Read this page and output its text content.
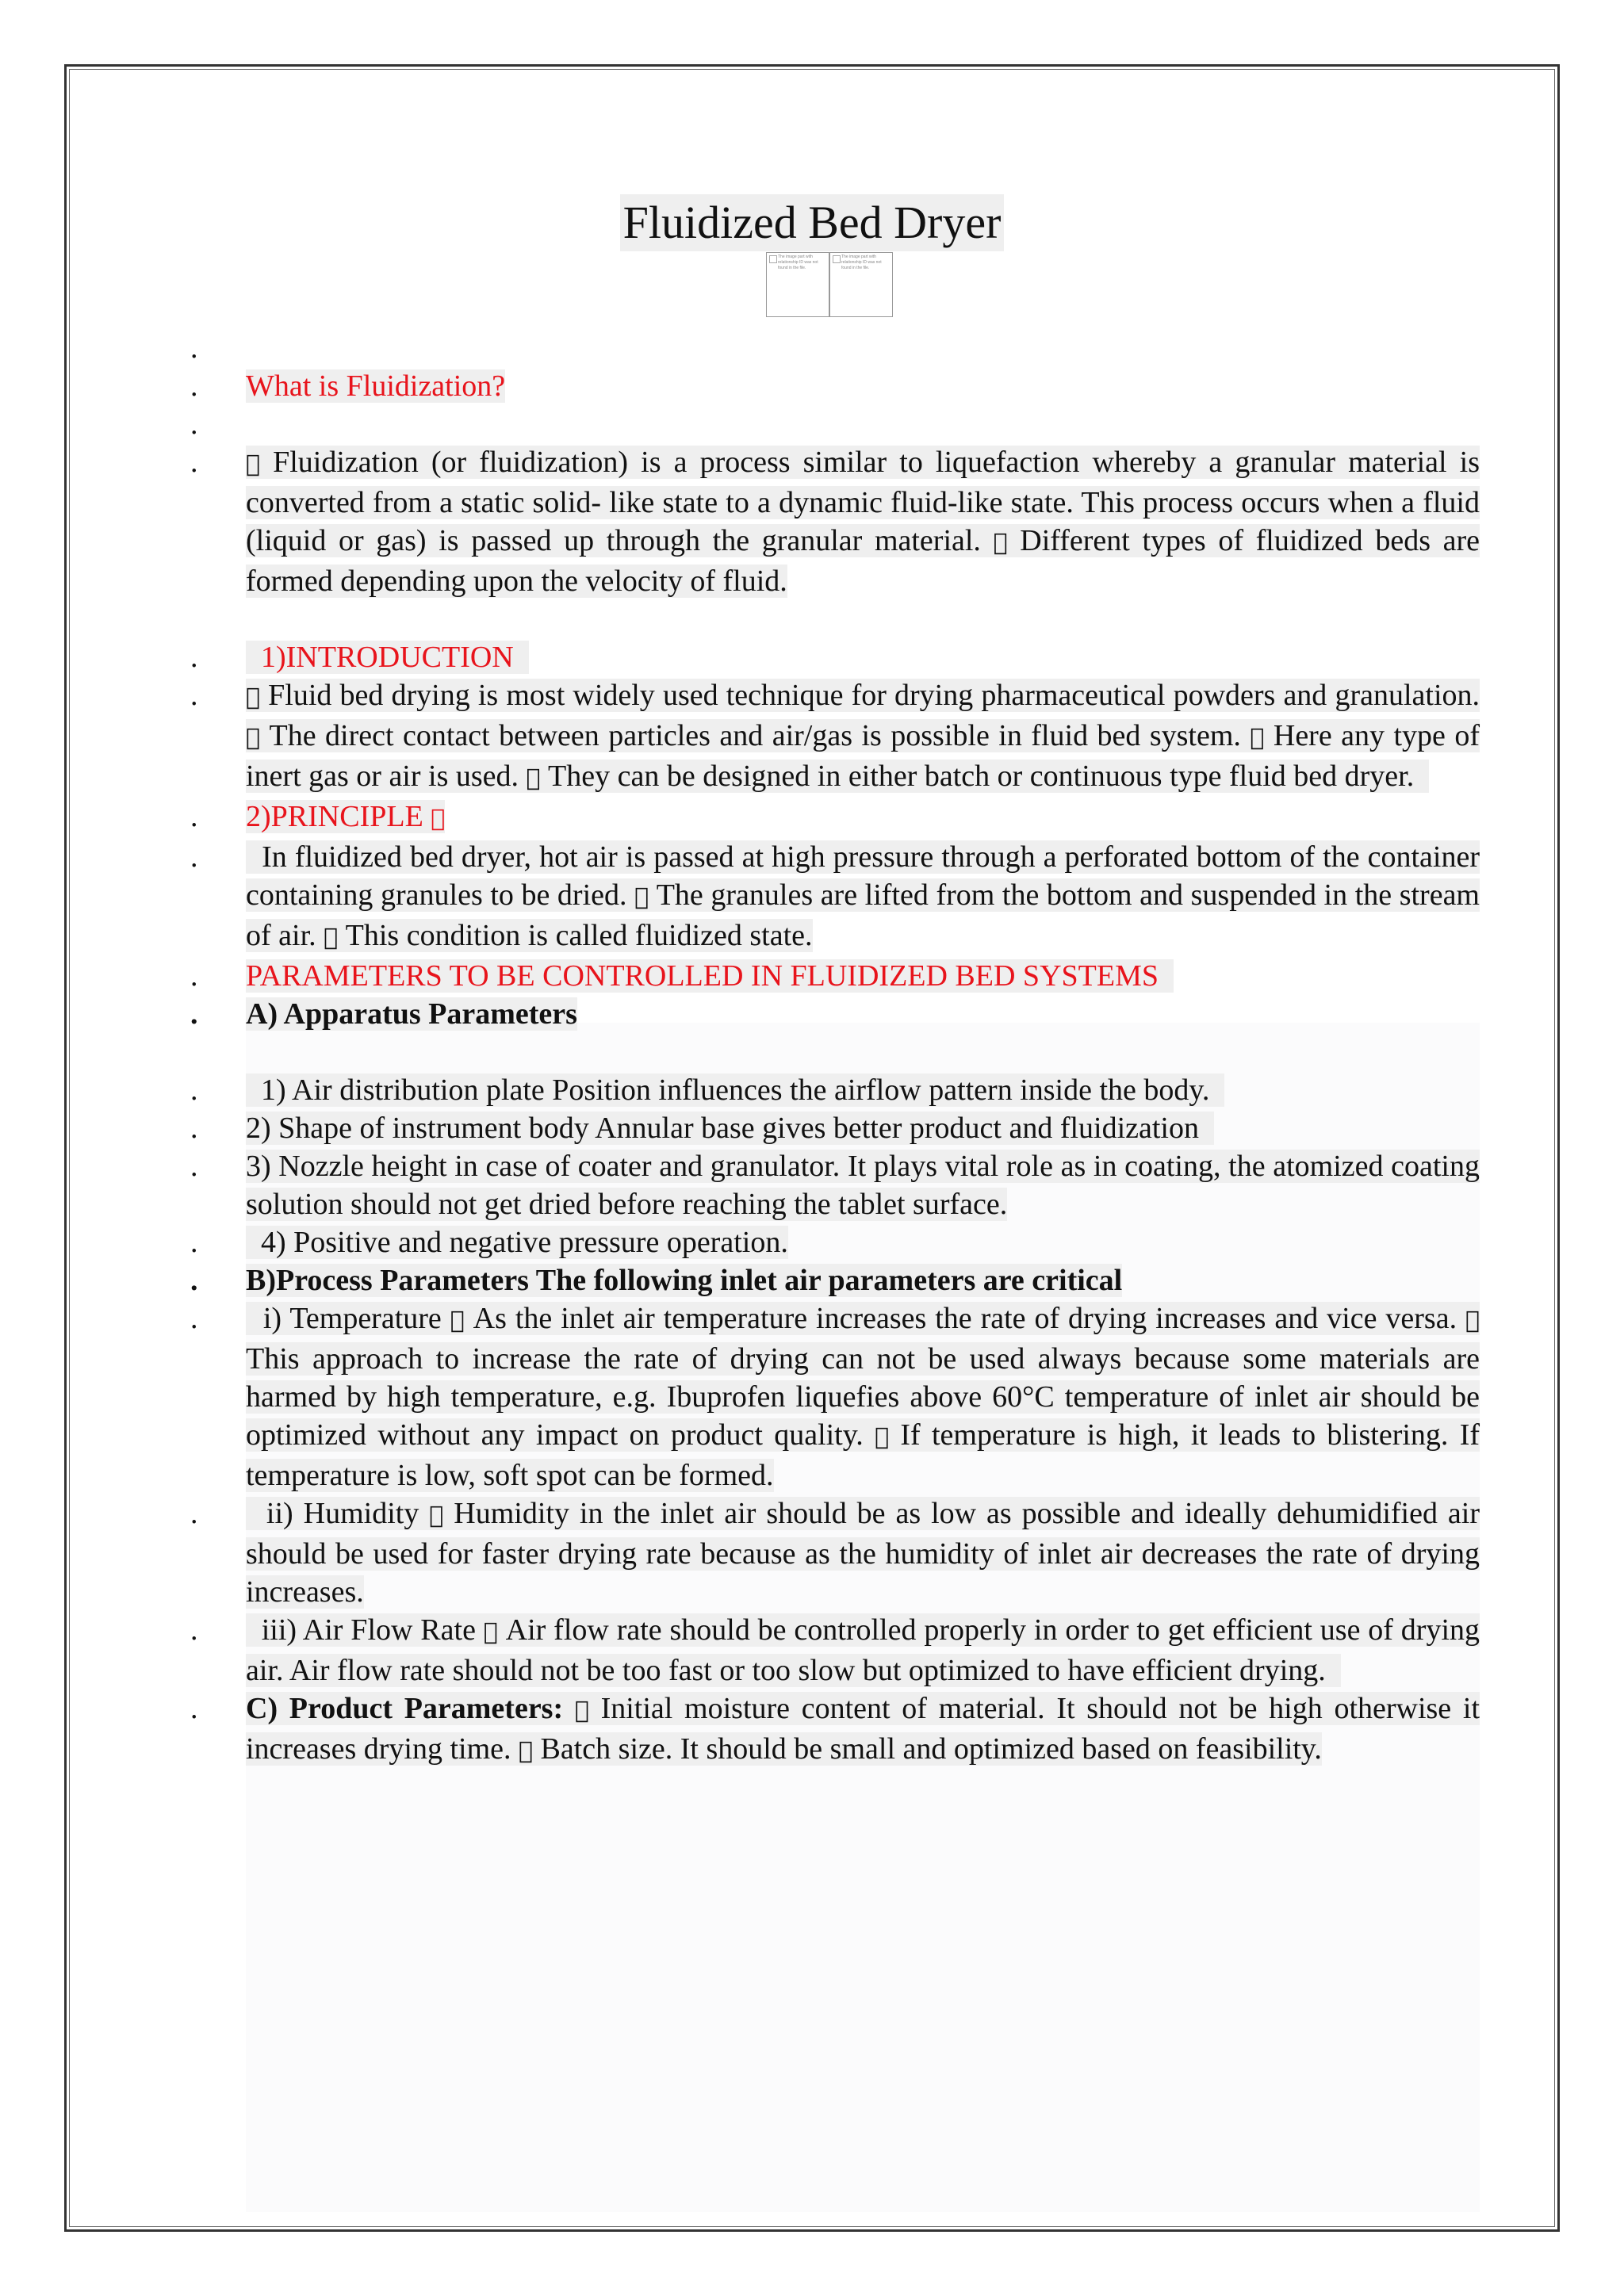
Fluidized Bed Dryer
The image part with relationship ID was not found in the file.
The image part with relationship ID was not found in the file.

.

. What is Fluidization?

.

. Fluidization (or fluidization) is a process similar to liquefaction whereby a granular material is converted from a static solid- like state to a dynamic fluid-like state. This process occurs when a fluid (liquid or gas) is passed up through the granular material. Different types of fluidized beds are formed depending upon the velocity of fluid.

. 1)INTRODUCTION

. Fluid bed drying is most widely used technique for drying pharmaceutical powders and granulation. The direct contact between particles and air/gas is possible in fluid bed system. Here any type of inert gas or air is used. They can be designed in either batch or continuous type fluid bed dryer.

. 2)PRINCIPLE

. In fluidized bed dryer, hot air is passed at high pressure through a perforated bottom of the container containing granules to be dried. The granules are lifted from the bottom and suspended in the stream of air. This condition is called fluidized state.

. PARAMETERS TO BE CONTROLLED IN FLUIDIZED BED SYSTEMS

. A) Apparatus Parameters

. 1) Air distribution plate Position influences the airflow pattern inside the body.

. 2) Shape of instrument body Annular base gives better product and fluidization

. 3) Nozzle height in case of coater and granulator. It plays vital role as in coating, the atomized coating solution should not get dried before reaching the tablet surface.

. 4) Positive and negative pressure operation.

. B)Process Parameters The following inlet air parameters are critical

. i) Temperature As the inlet air temperature increases the rate of drying increases and vice versa. This approach to increase the rate of drying can not be used always because some materials are harmed by high temperature, e.g. Ibuprofen liquefies above 60°C temperature of inlet air should be optimized without any impact on product quality. If temperature is high, it leads to blistering. If temperature is low, soft spot can be formed.

. ii) Humidity Humidity in the inlet air should be as low as possible and ideally dehumidified air should be used for faster drying rate because as the humidity of inlet air decreases the rate of drying increases.

. iii) Air Flow Rate Air flow rate should be controlled properly in order to get efficient use of drying air. Air flow rate should not be too fast or too slow but optimized to have efficient drying.

. C) Product Parameters: Initial moisture content of material. It should not be high otherwise it increases drying time. Batch size. It should be small and optimized based on feasibility.
